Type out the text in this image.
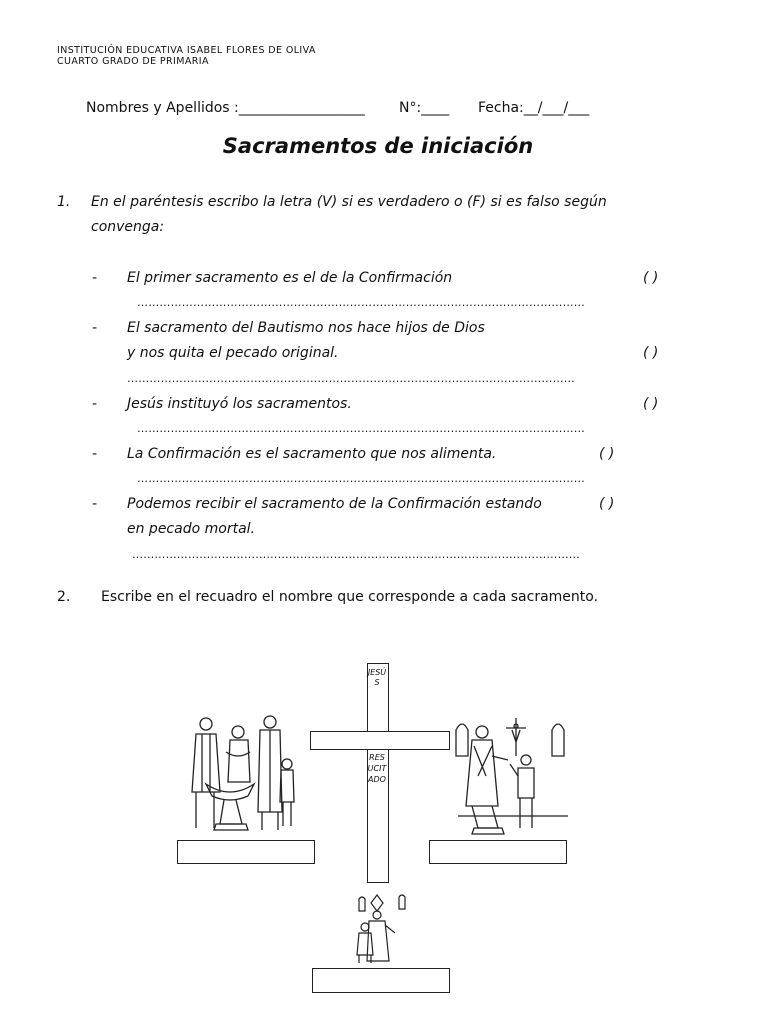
INSTITUCIÓN EDUCATIVA ISABEL FLORES DE OLIVA
CUARTO GRADO DE PRIMARIA
Nombres y Apellidos :__________________ N°:____ Fecha:__/___/___
Sacramentos de iniciación
1. En el paréntesis escribo la letra (V) si es verdadero o (F) si es falso según
convenga:
- El primer sacramento es el de la Confirmación	( )
…………………………………………………………………………………………………………
- El sacramento del Bautismo nos hace hijos de Dios
y nos quita el pecado original.	( )
…………………………………………………………………………………………………………
- Jesús instituyó los sacramentos.	( )
…………………………………………………………………………………………………………
- La Confirmación es el sacramento que nos alimenta.	( )
…………………………………………………………………………………………………………
- Podemos recibir el sacramento de la Confirmación estando	( )
en pecado mortal.
…………………………………………………………………………………………………………
2. Escribe en el recuadro el nombre que corresponde a cada sacramento.
JESÚS
RESUCITADO
